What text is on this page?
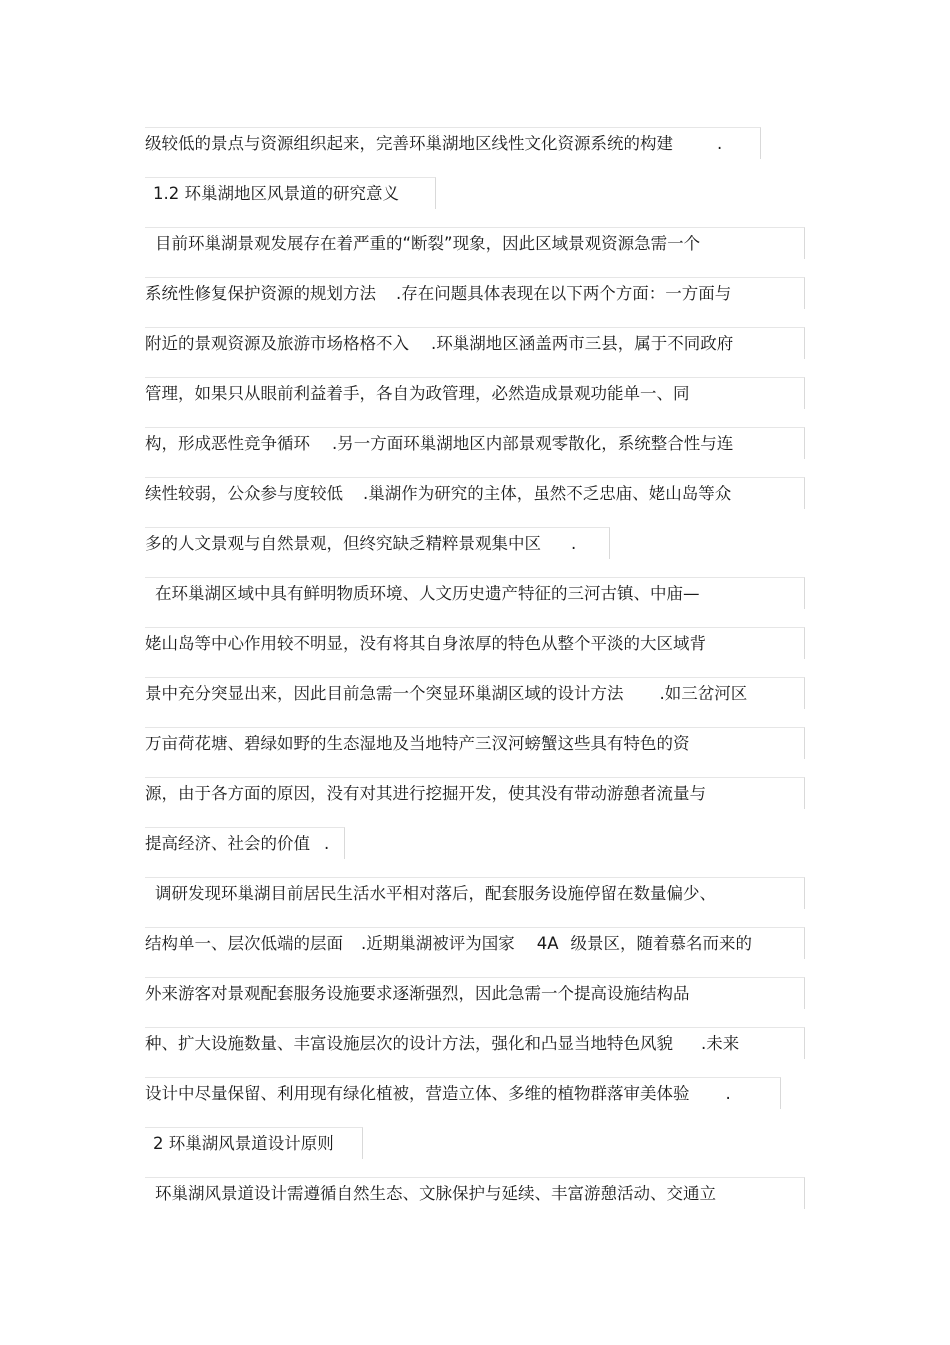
级较低的景点与资源组织起来，完善环巢湖地区线性文化资源系统的构建	.
1.2 环巢湖地区风景道的研究意义
目前环巢湖景观发展存在着严重的“断裂”现象，因此区域景观资源急需一个
系统性修复保护资源的规划方法 .存在问题具体表现在以下两个方面：一方面与
附近的景观资源及旅游市场格格不入 .环巢湖地区涵盖两市三县，属于不同政府
管理，如果只从眼前利益着手，各自为政管理，必然造成景观功能单一、同
构，形成恶性竞争循环 .另一方面环巢湖地区内部景观零散化，系统整合性与连
续性较弱，公众参与度较低 .巢湖作为研究的主体，虽然不乏忠庙、姥山岛等众
多的人文景观与自然景观，但终究缺乏精粹景观集中区 .
在环巢湖区域中具有鲜明物质环境、人文历史遗产特征的三河古镇、中庙—
姥山岛等中心作用较不明显，没有将其自身浓厚的特色从整个平淡的大区域背
景中充分突显出来，因此目前急需一个突显环巢湖区域的设计方法 .如三岔河区
万亩荷花塘、碧绿如野的生态湿地及当地特产三汊河螃蟹这些具有特色的资
源，由于各方面的原因，没有对其进行挖掘开发，使其没有带动游憩者流量与
提高经济、社会的价值 .
调研发现环巢湖目前居民生活水平相对落后，配套服务设施停留在数量偏少、
结构单一、层次低端的层面 .近期巢湖被评为国家 4A 级景区，随着慕名而来的
外来游客对景观配套服务设施要求逐渐强烈，因此急需一个提高设施结构品
种、扩大设施数量、丰富设施层次的设计方法，强化和凸显当地特色风貌 .未来
设计中尽量保留、利用现有绿化植被，营造立体、多维的植物群落审美体验 .
2 环巢湖风景道设计原则
环巢湖风景道设计需遵循自然生态、文脉保护与延续、丰富游憩活动、交通立
